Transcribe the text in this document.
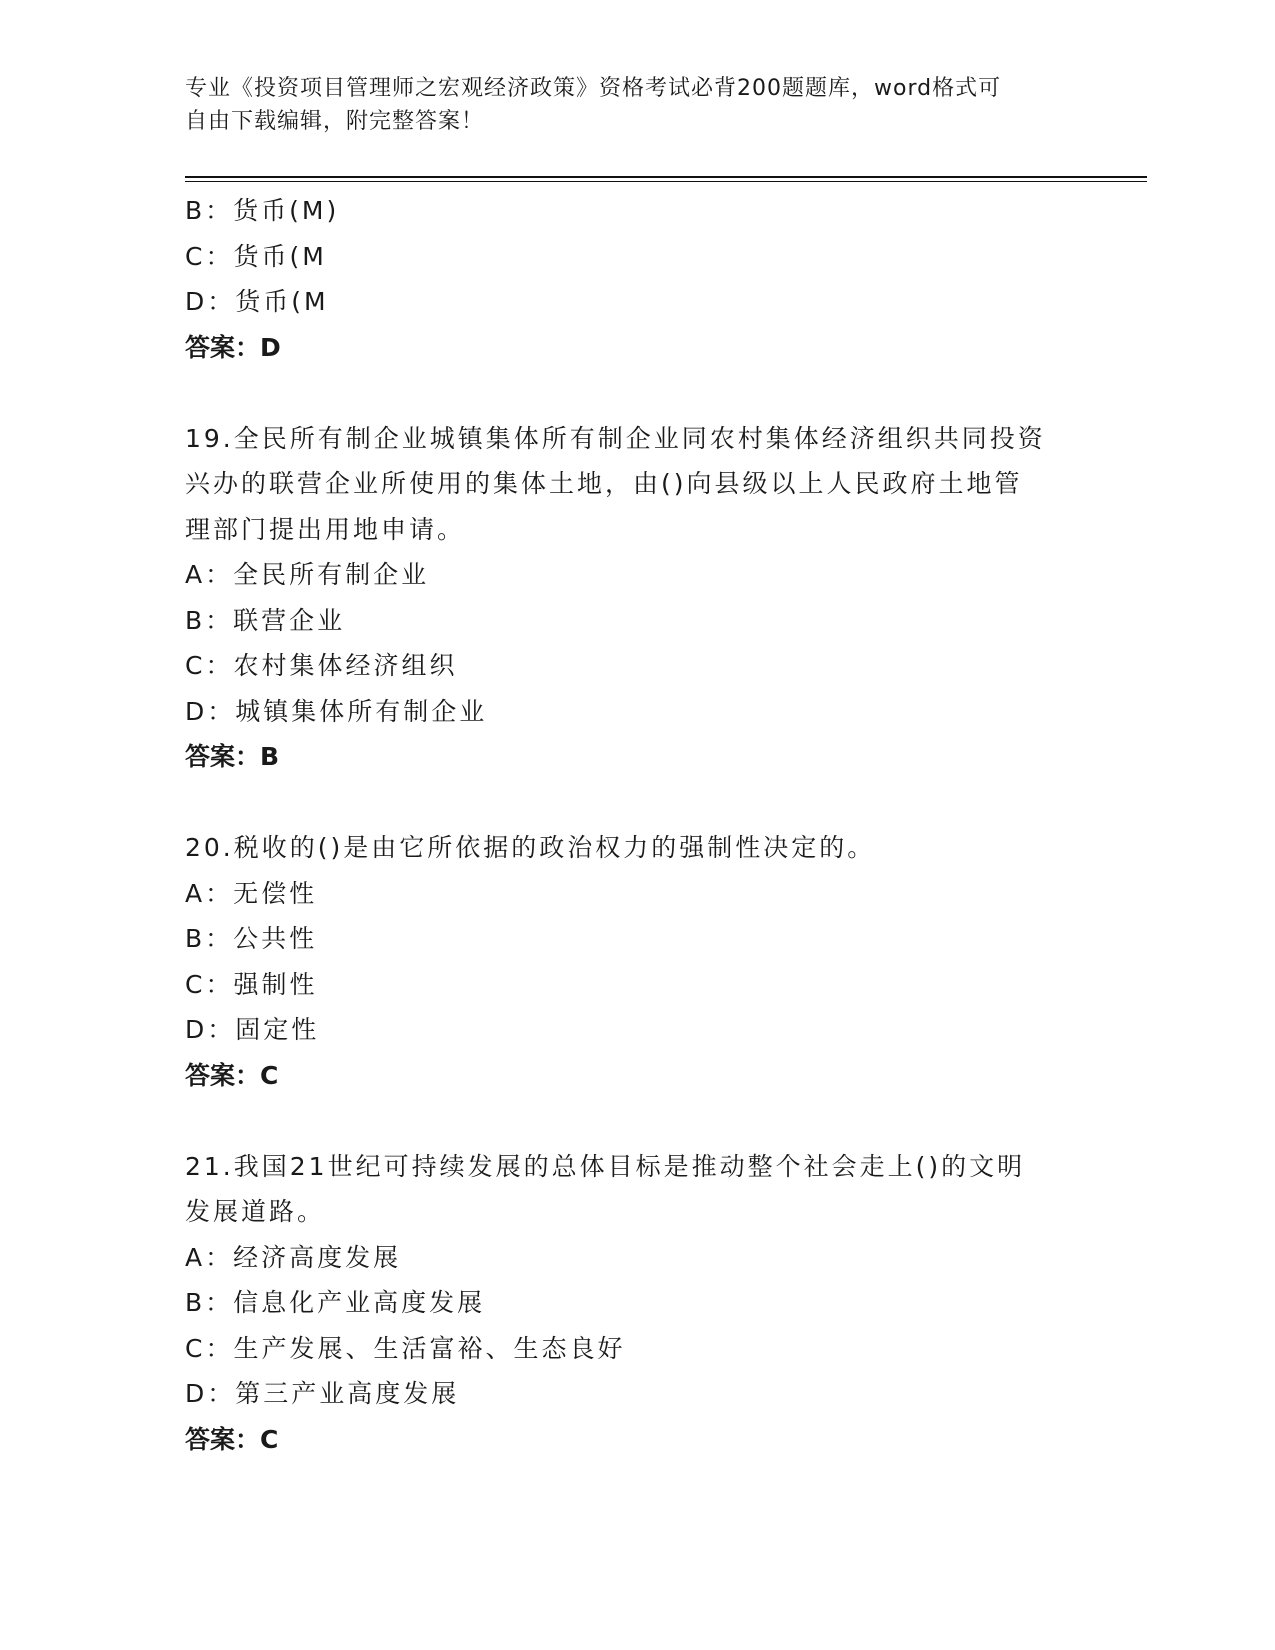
专业《投资项目管理师之宏观经济政策》资格考试必背200题题库，word格式可
自由下载编辑，附完整答案！
B：货币(M)
C：货币(M
D：货币(M
答案：D
19.全民所有制企业城镇集体所有制企业同农村集体经济组织共同投资
兴办的联营企业所使用的集体土地，由()向县级以上人民政府土地管
理部门提出用地申请。
A：全民所有制企业
B：联营企业
C：农村集体经济组织
D：城镇集体所有制企业
答案：B
20.税收的()是由它所依据的政治权力的强制性决定的。
A：无偿性
B：公共性
C：强制性
D：固定性
答案：C
21.我国21世纪可持续发展的总体目标是推动整个社会走上()的文明
发展道路。
A：经济高度发展
B：信息化产业高度发展
C：生产发展、生活富裕、生态良好
D：第三产业高度发展
答案：C
